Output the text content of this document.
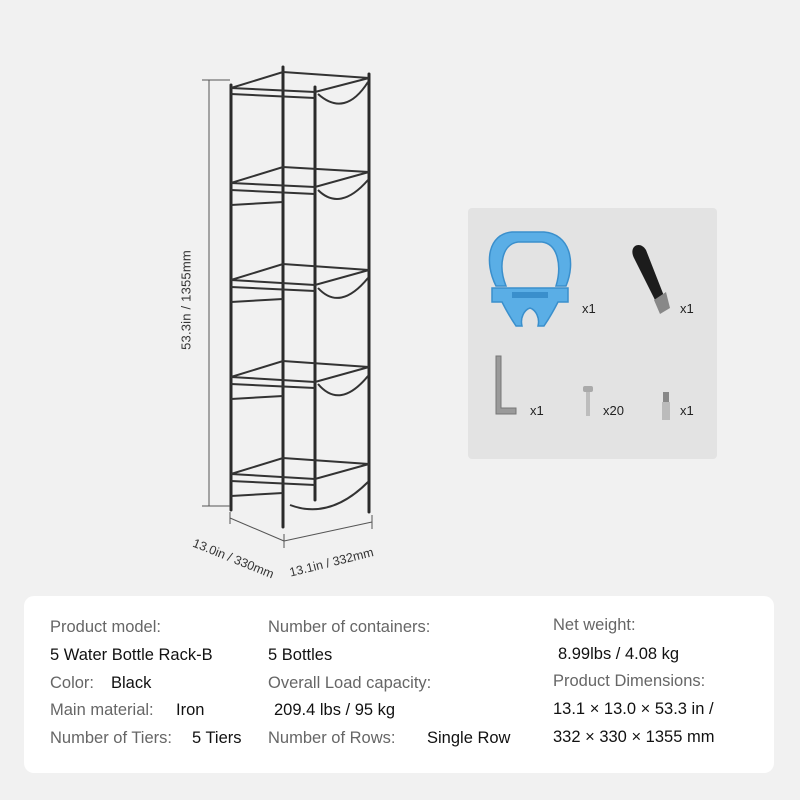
53.3in / 1355mm
13.0in / 330mm 13.1in / 332mm
x1	x1
x1	x20	x1
Product model:
5 Water Bottle Rack-B
Color: Black
Main material: Iron
Number of Tiers: 5 Tiers
Number of containers:
5 Bottles
Overall Load capacity:
209.4 lbs / 95 kg
Number of Rows: Single Row
Net weight:
8.99lbs / 4.08 kg
Product Dimensions:
13.1 × 13.0 × 53.3 in /
332 × 330 × 1355 mm
